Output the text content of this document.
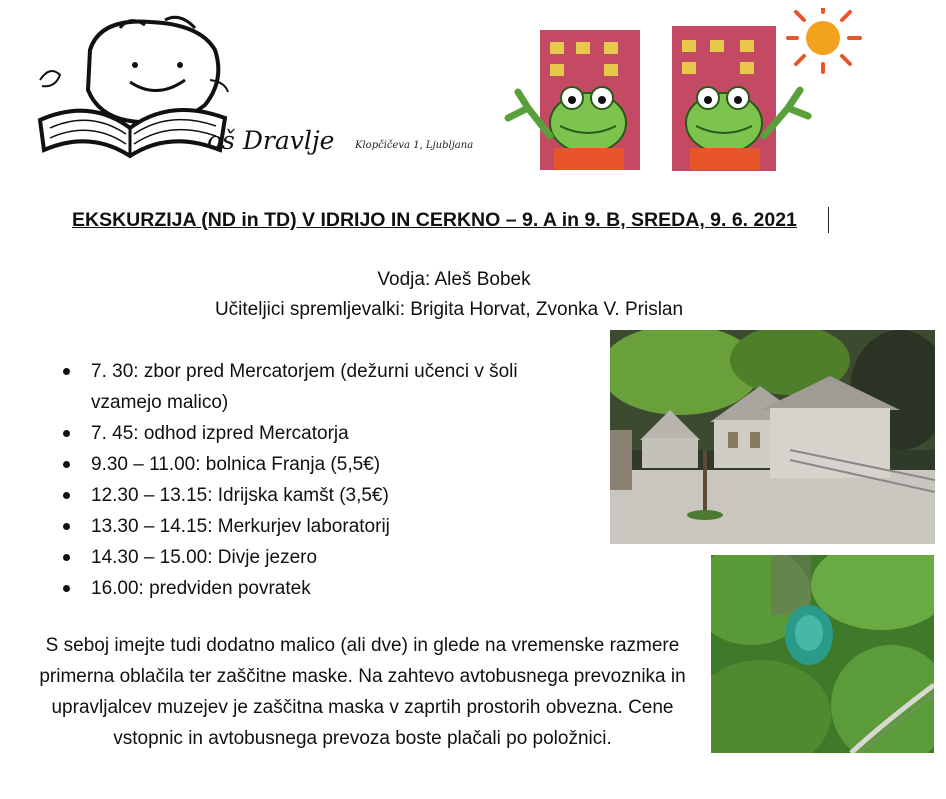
oš Dravlje Klopčičeva 1, Ljubljana
EKSKURZIJA (ND in TD) V IDRIJO IN CERKNO – 9. A in 9. B, SREDA, 9. 6. 2021
Vodja: Aleš Bobek
Učiteljici spremljevalki: Brigita Horvat, Zvonka V. Prislan
7. 30: zbor pred Mercatorjem (dežurni učenci v šoli vzamejo malico)
7. 45: odhod izpred Mercatorja
9.30 – 11.00: bolnica Franja (5,5€)
12.30 – 13.15: Idrijska kamšt (3,5€)
13.30 – 14.15: Merkurjev laboratorij
14.30 – 15.00: Divje jezero
16.00: predviden povratek
S seboj imejte tudi dodatno malico (ali dve) in glede na vremenske razmere primerna oblačila ter zaščitne maske. Na zahtevo avtobusnega prevoznika in upravljalcev muzejev je zaščitna maska v zaprtih prostorih obvezna. Cene vstopnic in avtobusnega prevoza boste plačali po položnici.
